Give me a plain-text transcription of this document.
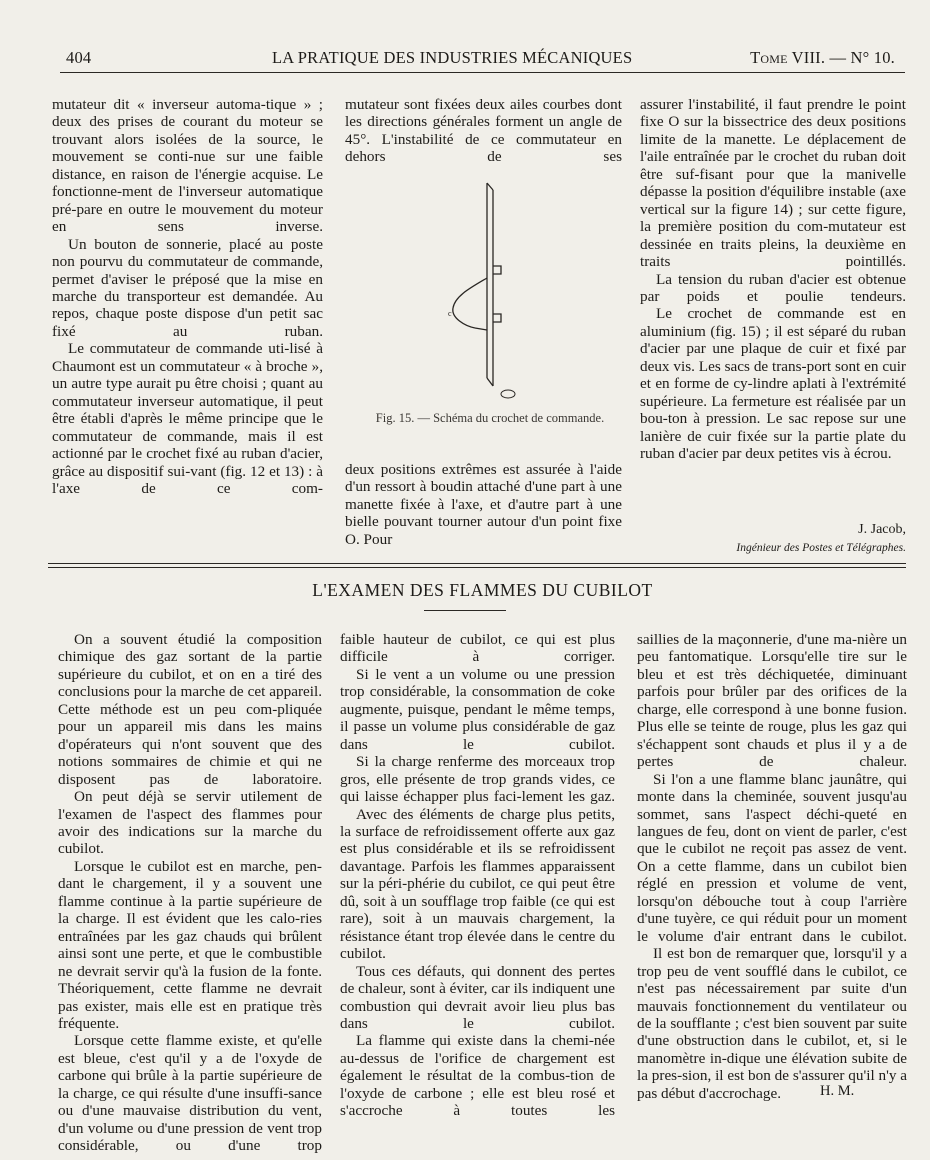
404	LA PRATIQUE DES INDUSTRIES MÉCANIQUES	Tome VIII. — N° 10.

mutateur dit « inverseur automa-tique » ; deux des prises de courant du moteur se trouvant alors isolées de la source, le mouvement se conti-nue sur une faible distance, en raison de l'énergie acquise. Le fonctionne-ment de l'inverseur automatique pré-pare en outre le mouvement du moteur en sens inverse.

Un bouton de sonnerie, placé au poste non pourvu du commutateur de commande, permet d'aviser le préposé que la mise en marche du transporteur est demandée. Au repos, chaque poste dispose d'un petit sac fixé au ruban.

Le commutateur de commande uti-lisé à Chaumont est un commutateur « à broche », un autre type aurait pu être choisi ; quant au commutateur inverseur automatique, il peut être établi d'après le même principe que le commutateur de commande, mais il est actionné par le crochet fixé au ruban d'acier, grâce au dispositif sui-vant (fig. 12 et 13) : à l'axe de ce com-

mutateur sont fixées deux ailes courbes dont les directions générales forment un angle de 45°. L'instabilité de ce commutateur en dehors de ses

c
Fig. 15. — Schéma du crochet de commande.

deux positions extrêmes est assurée à l'aide d'un ressort à boudin attaché d'une part à une manette fixée à l'axe, et d'autre part à une bielle pouvant tourner autour d'un point fixe O. Pour

assurer l'instabilité, il faut prendre le point fixe O sur la bissectrice des deux positions limite de la manette. Le déplacement de l'aile entraînée par le crochet du ruban doit être suf-fisant pour que la manivelle dépasse la position d'équilibre instable (axe vertical sur la figure 14) ; sur cette figure, la première position du com-mutateur est dessinée en traits pleins, la deuxième en traits pointillés.

La tension du ruban d'acier est obtenue par poids et poulie tendeurs.

Le crochet de commande est en aluminium (fig. 15) ; il est séparé du ruban d'acier par une plaque de cuir et fixé par deux vis. Les sacs de trans-port sont en cuir et en forme de cy-lindre aplati à l'extrémité supérieure. La fermeture est réalisée par un bou-ton à pression. Le sac repose sur une lanière de cuir fixée sur la partie plate du ruban d'acier par deux petites vis à écrou.

J. Jacob,
Ingénieur des Postes et Télégraphes.
L'EXAMEN DES FLAMMES DU CUBILOT

On a souvent étudié la composition chimique des gaz sortant de la partie supérieure du cubilot, et on en a tiré des conclusions pour la marche de cet appareil. Cette méthode est un peu com-pliquée pour un appareil mis dans les mains d'opérateurs qui n'ont souvent que des notions sommaires de chimie et qui ne disposent pas de laboratoire.

On peut déjà se servir utilement de l'examen de l'aspect des flammes pour avoir des indications sur la marche du cubilot.

Lorsque le cubilot est en marche, pen-dant le chargement, il y a souvent une flamme continue à la partie supérieure de la charge. Il est évident que les calo-ries entraînées par les gaz chauds qui brûlent ainsi sont une perte, et que le combustible ne devrait servir qu'à la fusion de la fonte. Théoriquement, cette flamme ne devrait pas exister, mais elle est en pratique très fréquente.

Lorsque cette flamme existe, et qu'elle est bleue, c'est qu'il y a de l'oxyde de carbone qui brûle à la partie supérieure de la charge, ce qui résulte d'une insuffi-sance ou d'une mauvaise distribution du vent, d'un volume ou d'une pression de vent trop considérable, ou d'une trop

faible hauteur de cubilot, ce qui est plus difficile à corriger.

Si le vent a un volume ou une pression trop considérable, la consommation de coke augmente, puisque, pendant le même temps, il passe un volume plus considérable de gaz dans le cubilot.

Si la charge renferme des morceaux trop gros, elle présente de trop grands vides, ce qui laisse échapper plus faci-lement les gaz.

Avec des éléments de charge plus petits, la surface de refroidissement offerte aux gaz est plus considérable et ils se refroidissent davantage. Parfois les flammes apparaissent sur la péri-phérie du cubilot, ce qui peut être dû, soit à un soufflage trop faible (ce qui est rare), soit à un mauvais chargement, la résistance étant trop élevée dans le centre du cubilot.

Tous ces défauts, qui donnent des pertes de chaleur, sont à éviter, car ils indiquent une combustion qui devrait avoir lieu plus bas dans le cubilot.

La flamme qui existe dans la chemi-née au-dessus de l'orifice de chargement est également le résultat de la combus-tion de l'oxyde de carbone ; elle est bleu rosé et s'accroche à toutes les

saillies de la maçonnerie, d'une ma-nière un peu fantomatique. Lorsqu'elle tire sur le bleu et est très déchiquetée, diminuant parfois pour brûler par des orifices de la charge, elle correspond à une bonne fusion. Plus elle se teinte de rouge, plus les gaz qui s'échappent sont chauds et plus il y a de pertes de chaleur.

Si l'on a une flamme blanc jaunâtre, qui monte dans la cheminée, souvent jusqu'au sommet, sans l'aspect déchi-queté en langues de feu, dont on vient de parler, c'est que le cubilot ne reçoit pas assez de vent. On a cette flamme, dans un cubilot bien réglé en pression et volume de vent, lorsqu'on débouche tout à coup l'arrière d'une tuyère, ce qui réduit pour un moment le volume d'air entrant dans le cubilot.

Il est bon de remarquer que, lorsqu'il y a trop peu de vent soufflé dans le cubilot, ce n'est pas nécessairement par suite d'un mauvais fonctionnement du ventilateur ou de la soufflante ; c'est bien souvent par suite d'une obstruction dans le cubilot, et, si le manomètre in-dique une élévation subite de la pres-sion, il est bon de s'assurer qu'il n'y a pas début d'accrochage.	H. M.
